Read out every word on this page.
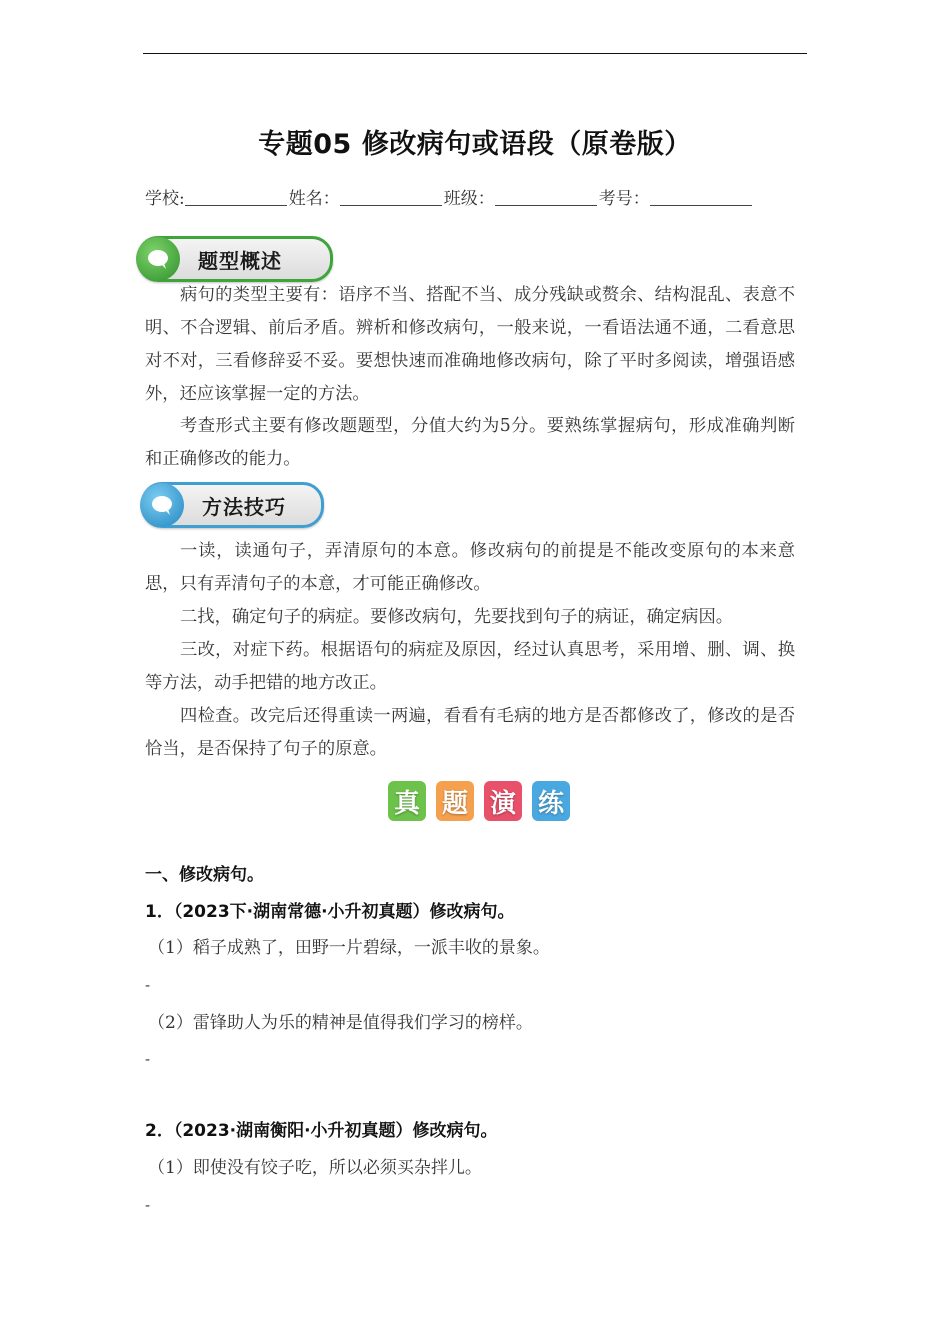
专题05 修改病句或语段（原卷版）
学校:	姓名：	班级：	考号：
题型概述

病句的类型主要有：语序不当、搭配不当、成分残缺或赘余、结构混乱、表意不明、不合逻辑、前后矛盾。辨析和修改病句，一般来说，一看语法通不通，二看意思对不对，三看修辞妥不妥。要想快速而准确地修改病句，除了平时多阅读，增强语感外，还应该掌握一定的方法。

考查形式主要有修改题题型，分值大约为5分。要熟练掌握病句，形成准确判断和正确修改的能力。

方法技巧

一读，读通句子，弄清原句的本意。修改病句的前提是不能改变原句的本来意思，只有弄清句子的本意，才可能正确修改。

二找，确定句子的病症。要修改病句，先要找到句子的病证，确定病因。

三改，对症下药。根据语句的病症及原因，经过认真思考，采用增、删、调、换等方法，动手把错的地方改正。

四检查。改完后还得重读一两遍，看看有毛病的地方是否都修改了，修改的是否恰当，是否保持了句子的原意。

真 题 演 练
一、修改病句。
1．（2023下·湖南常德·小升初真题）修改病句。
（1）稻子成熟了，田野一片碧绿，一派丰收的景象。
-
（2）雷锋助人为乐的精神是值得我们学习的榜样。
-
2．（2023·湖南衡阳·小升初真题）修改病句。
（1）即使没有饺子吃，所以必须买杂拌儿。
-
